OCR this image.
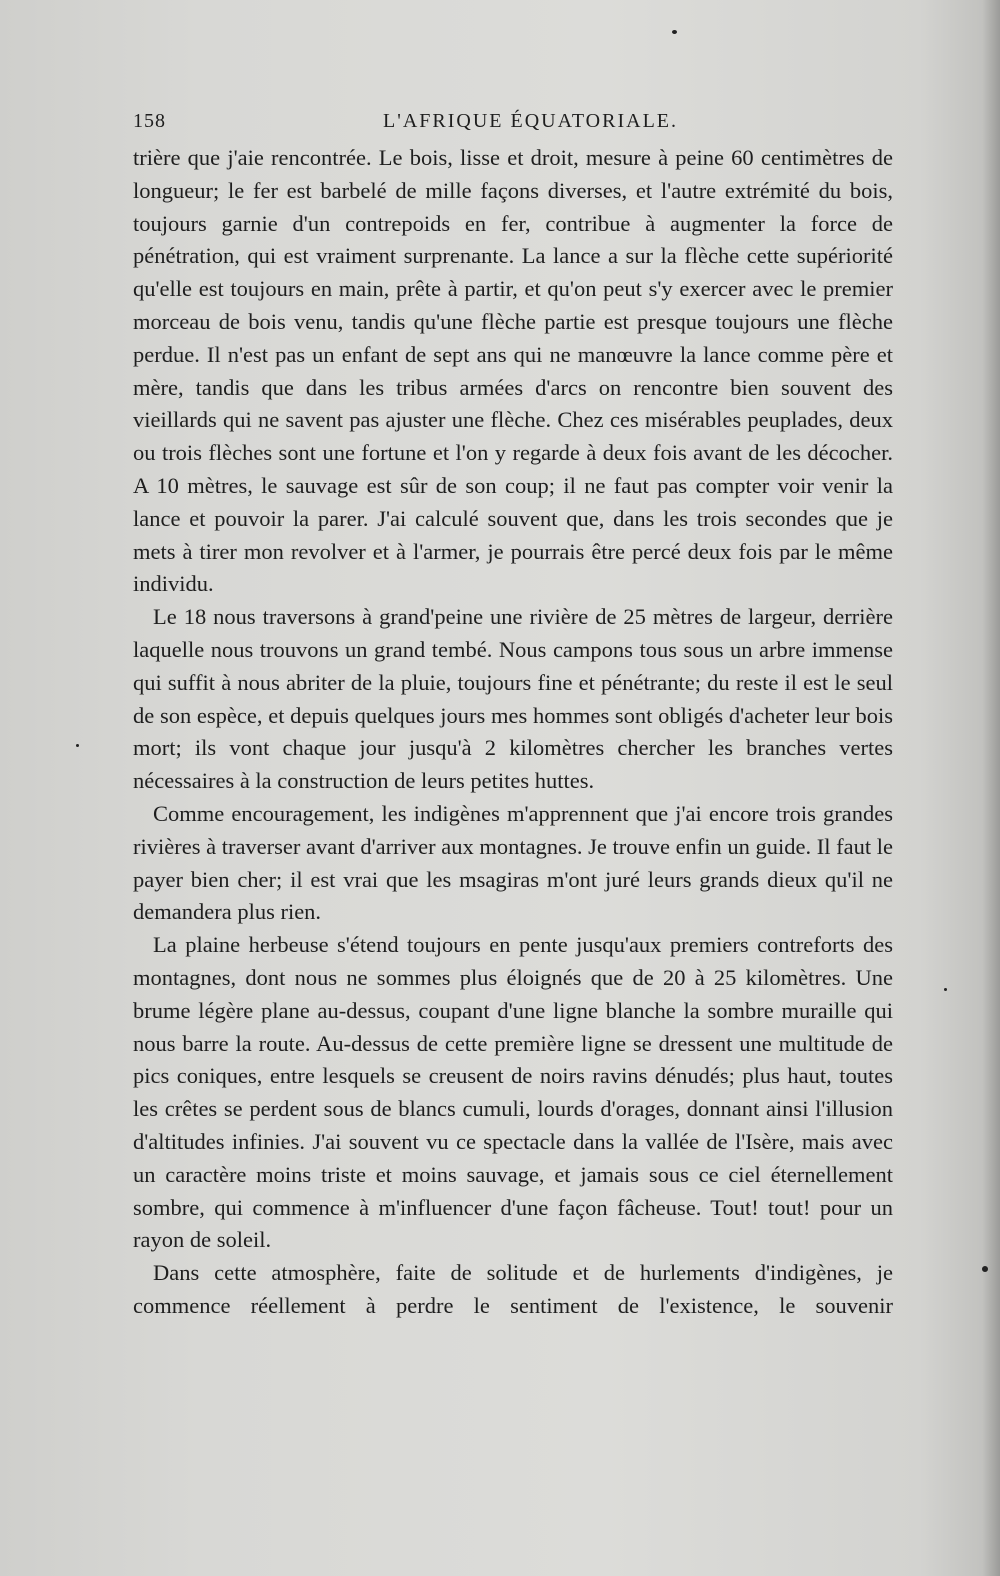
158	L'AFRIQUE ÉQUATORIALE.

trière que j'aie rencontrée. Le bois, lisse et droit, mesure à peine 60 centimètres de longueur; le fer est barbelé de mille façons diverses, et l'autre extrémité du bois, toujours garnie d'un contrepoids en fer, contribue à augmenter la force de pénétration, qui est vraiment surprenante. La lance a sur la flèche cette supériorité qu'elle est toujours en main, prête à partir, et qu'on peut s'y exercer avec le premier morceau de bois venu, tandis qu'une flèche partie est presque toujours une flèche perdue. Il n'est pas un enfant de sept ans qui ne manœuvre la lance comme père et mère, tandis que dans les tribus armées d'arcs on rencontre bien souvent des vieillards qui ne savent pas ajuster une flèche. Chez ces misérables peuplades, deux ou trois flèches sont une fortune et l'on y regarde à deux fois avant de les décocher. A 10 mètres, le sauvage est sûr de son coup; il ne faut pas compter voir venir la lance et pouvoir la parer. J'ai calculé souvent que, dans les trois secondes que je mets à tirer mon revolver et à l'armer, je pourrais être percé deux fois par le même individu.

Le 18 nous traversons à grand'peine une rivière de 25 mètres de largeur, derrière laquelle nous trouvons un grand tembé. Nous campons tous sous un arbre immense qui suffit à nous abriter de la pluie, toujours fine et pénétrante; du reste il est le seul de son espèce, et depuis quelques jours mes hommes sont obligés d'acheter leur bois mort; ils vont chaque jour jusqu'à 2 kilomètres chercher les branches vertes nécessaires à la construction de leurs petites huttes.

Comme encouragement, les indigènes m'apprennent que j'ai encore trois grandes rivières à traverser avant d'arriver aux montagnes. Je trouve enfin un guide. Il faut le payer bien cher; il est vrai que les msagiras m'ont juré leurs grands dieux qu'il ne demandera plus rien.

La plaine herbeuse s'étend toujours en pente jusqu'aux premiers contreforts des montagnes, dont nous ne sommes plus éloignés que de 20 à 25 kilomètres. Une brume légère plane au-dessus, coupant d'une ligne blanche la sombre muraille qui nous barre la route. Au-dessus de cette première ligne se dressent une multitude de pics coniques, entre lesquels se creusent de noirs ravins dénudés; plus haut, toutes les crêtes se perdent sous de blancs cumuli, lourds d'orages, donnant ainsi l'illusion d'altitudes infinies. J'ai souvent vu ce spectacle dans la vallée de l'Isère, mais avec un caractère moins triste et moins sauvage, et jamais sous ce ciel éternellement sombre, qui commence à m'influencer d'une façon fâcheuse. Tout! tout! pour un rayon de soleil.

Dans cette atmosphère, faite de solitude et de hurlements d'indigènes, je commence réellement à perdre le sentiment de l'existence, le souvenir
